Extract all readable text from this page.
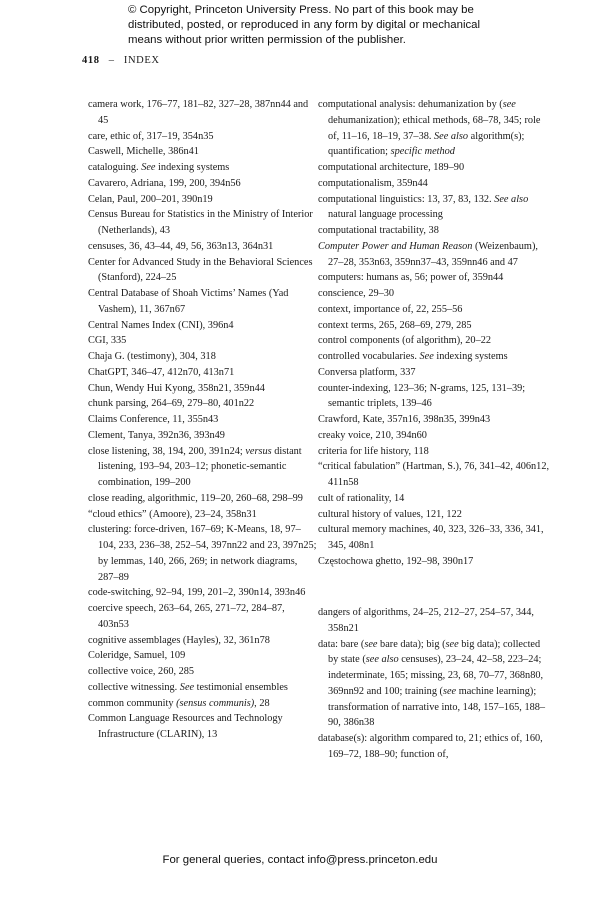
© Copyright, Princeton University Press. No part of this book may be
distributed, posted, or reproduced in any form by digital or mechanical
means without prior written permission of the publisher.
418 – INDEX

camera work, 176–77, 181–82, 327–28, 387nn44 and 45

care, ethic of, 317–19, 354n35

Caswell, Michelle, 386n41

cataloguing. See indexing systems

Cavarero, Adriana, 199, 200, 394n56

Celan, Paul, 200–201, 390n19

Census Bureau for Statistics in the Ministry of Interior (Netherlands), 43

censuses, 36, 43–44, 49, 56, 363n13, 364n31

Center for Advanced Study in the Behavioral Sciences (Stanford), 224–25

Central Database of Shoah Victims’ Names (Yad Vashem), 11, 367n67

Central Names Index (CNI), 396n4

CGI, 335

Chaja G. (testimony), 304, 318

ChatGPT, 346–47, 412n70, 413n71

Chun, Wendy Hui Kyong, 358n21, 359n44

chunk parsing, 264–69, 279–80, 401n22

Claims Conference, 11, 355n43

Clement, Tanya, 392n36, 393n49

close listening, 38, 194, 200, 391n24; versus distant listening, 193–94, 203–12; phonetic-semantic combination, 199–200

close reading, algorithmic, 119–20, 260–68, 298–99

“cloud ethics” (Amoore), 23–24, 358n31

clustering: force-driven, 167–69; K-Means, 18, 97–104, 233, 236–38, 252–54, 397nn22 and 23, 397n25; by lemmas, 140, 266, 269; in network diagrams, 287–89

code-switching, 92–94, 199, 201–2, 390n14, 393n46

coercive speech, 263–64, 265, 271–72, 284–87, 403n53

cognitive assemblages (Hayles), 32, 361n78

Coleridge, Samuel, 109

collective voice, 260, 285

collective witnessing. See testimonial ensembles

common community (sensus communis), 28

Common Language Resources and Technology Infrastructure (CLARIN), 13

computational analysis: dehumanization by (see dehumanization); ethical methods, 68–78, 345; role of, 11–16, 18–19, 37–38. See also algorithm(s); quantification; specific method

computational architecture, 189–90

computationalism, 359n44

computational linguistics: 13, 37, 83, 132. See also natural language processing

computational tractability, 38

Computer Power and Human Reason (Weizenbaum), 27–28, 353n63, 359nn37–43, 359nn46 and 47

computers: humans as, 56; power of, 359n44

conscience, 29–30

context, importance of, 22, 255–56

context terms, 265, 268–69, 279, 285

control components (of algorithm), 20–22

controlled vocabularies. See indexing systems

Conversa platform, 337

counter-indexing, 123–36; N-grams, 125, 131–39; semantic triplets, 139–46

Crawford, Kate, 357n16, 398n35, 399n43

creaky voice, 210, 394n60

criteria for life history, 118

“critical fabulation” (Hartman, S.), 76, 341–42, 406n12, 411n58

cult of rationality, 14

cultural history of values, 121, 122

cultural memory machines, 40, 323, 326–33, 336, 341, 345, 408n1

Częstochowa ghetto, 192–98, 390n17

dangers of algorithms, 24–25, 212–27, 254–57, 344, 358n21

data: bare (see bare data); big (see big data); collected by state (see also censuses), 23–24, 42–58, 223–24; indeterminate, 165; missing, 23, 68, 70–77, 368n80, 369nn92 and 100; training (see machine learning); transformation of narrative into, 148, 157–165, 188–90, 386n38

database(s): algorithm compared to, 21; ethics of, 160, 169–72, 188–90; function of,

For general queries, contact info@press.princeton.edu
